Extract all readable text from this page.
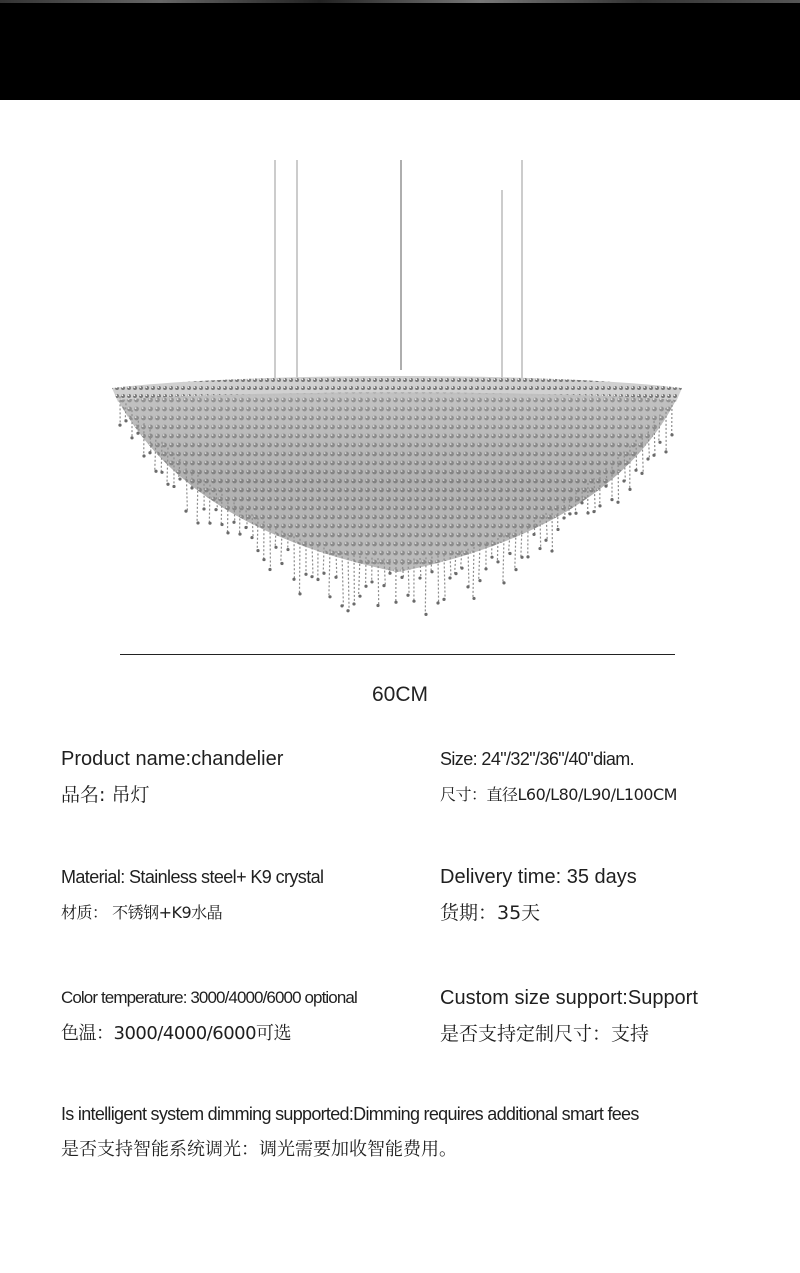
60CM
Product name:chandelier
品名: 吊灯
Size: 24"/32"/36"/40"diam.
尺寸：直径L60/L80/L90/L100CM
Material: Stainless steel+ K9 crystal
材质： 不锈钢+K9水晶
Delivery time: 35 days
货期：35天
Color temperature: 3000/4000/6000 optional
色温：3000/4000/6000可选
Custom size support:Support
是否支持定制尺寸：支持
Is intelligent system dimming supported:Dimming requires additional smart fees
是否支持智能系统调光：调光需要加收智能费用。
